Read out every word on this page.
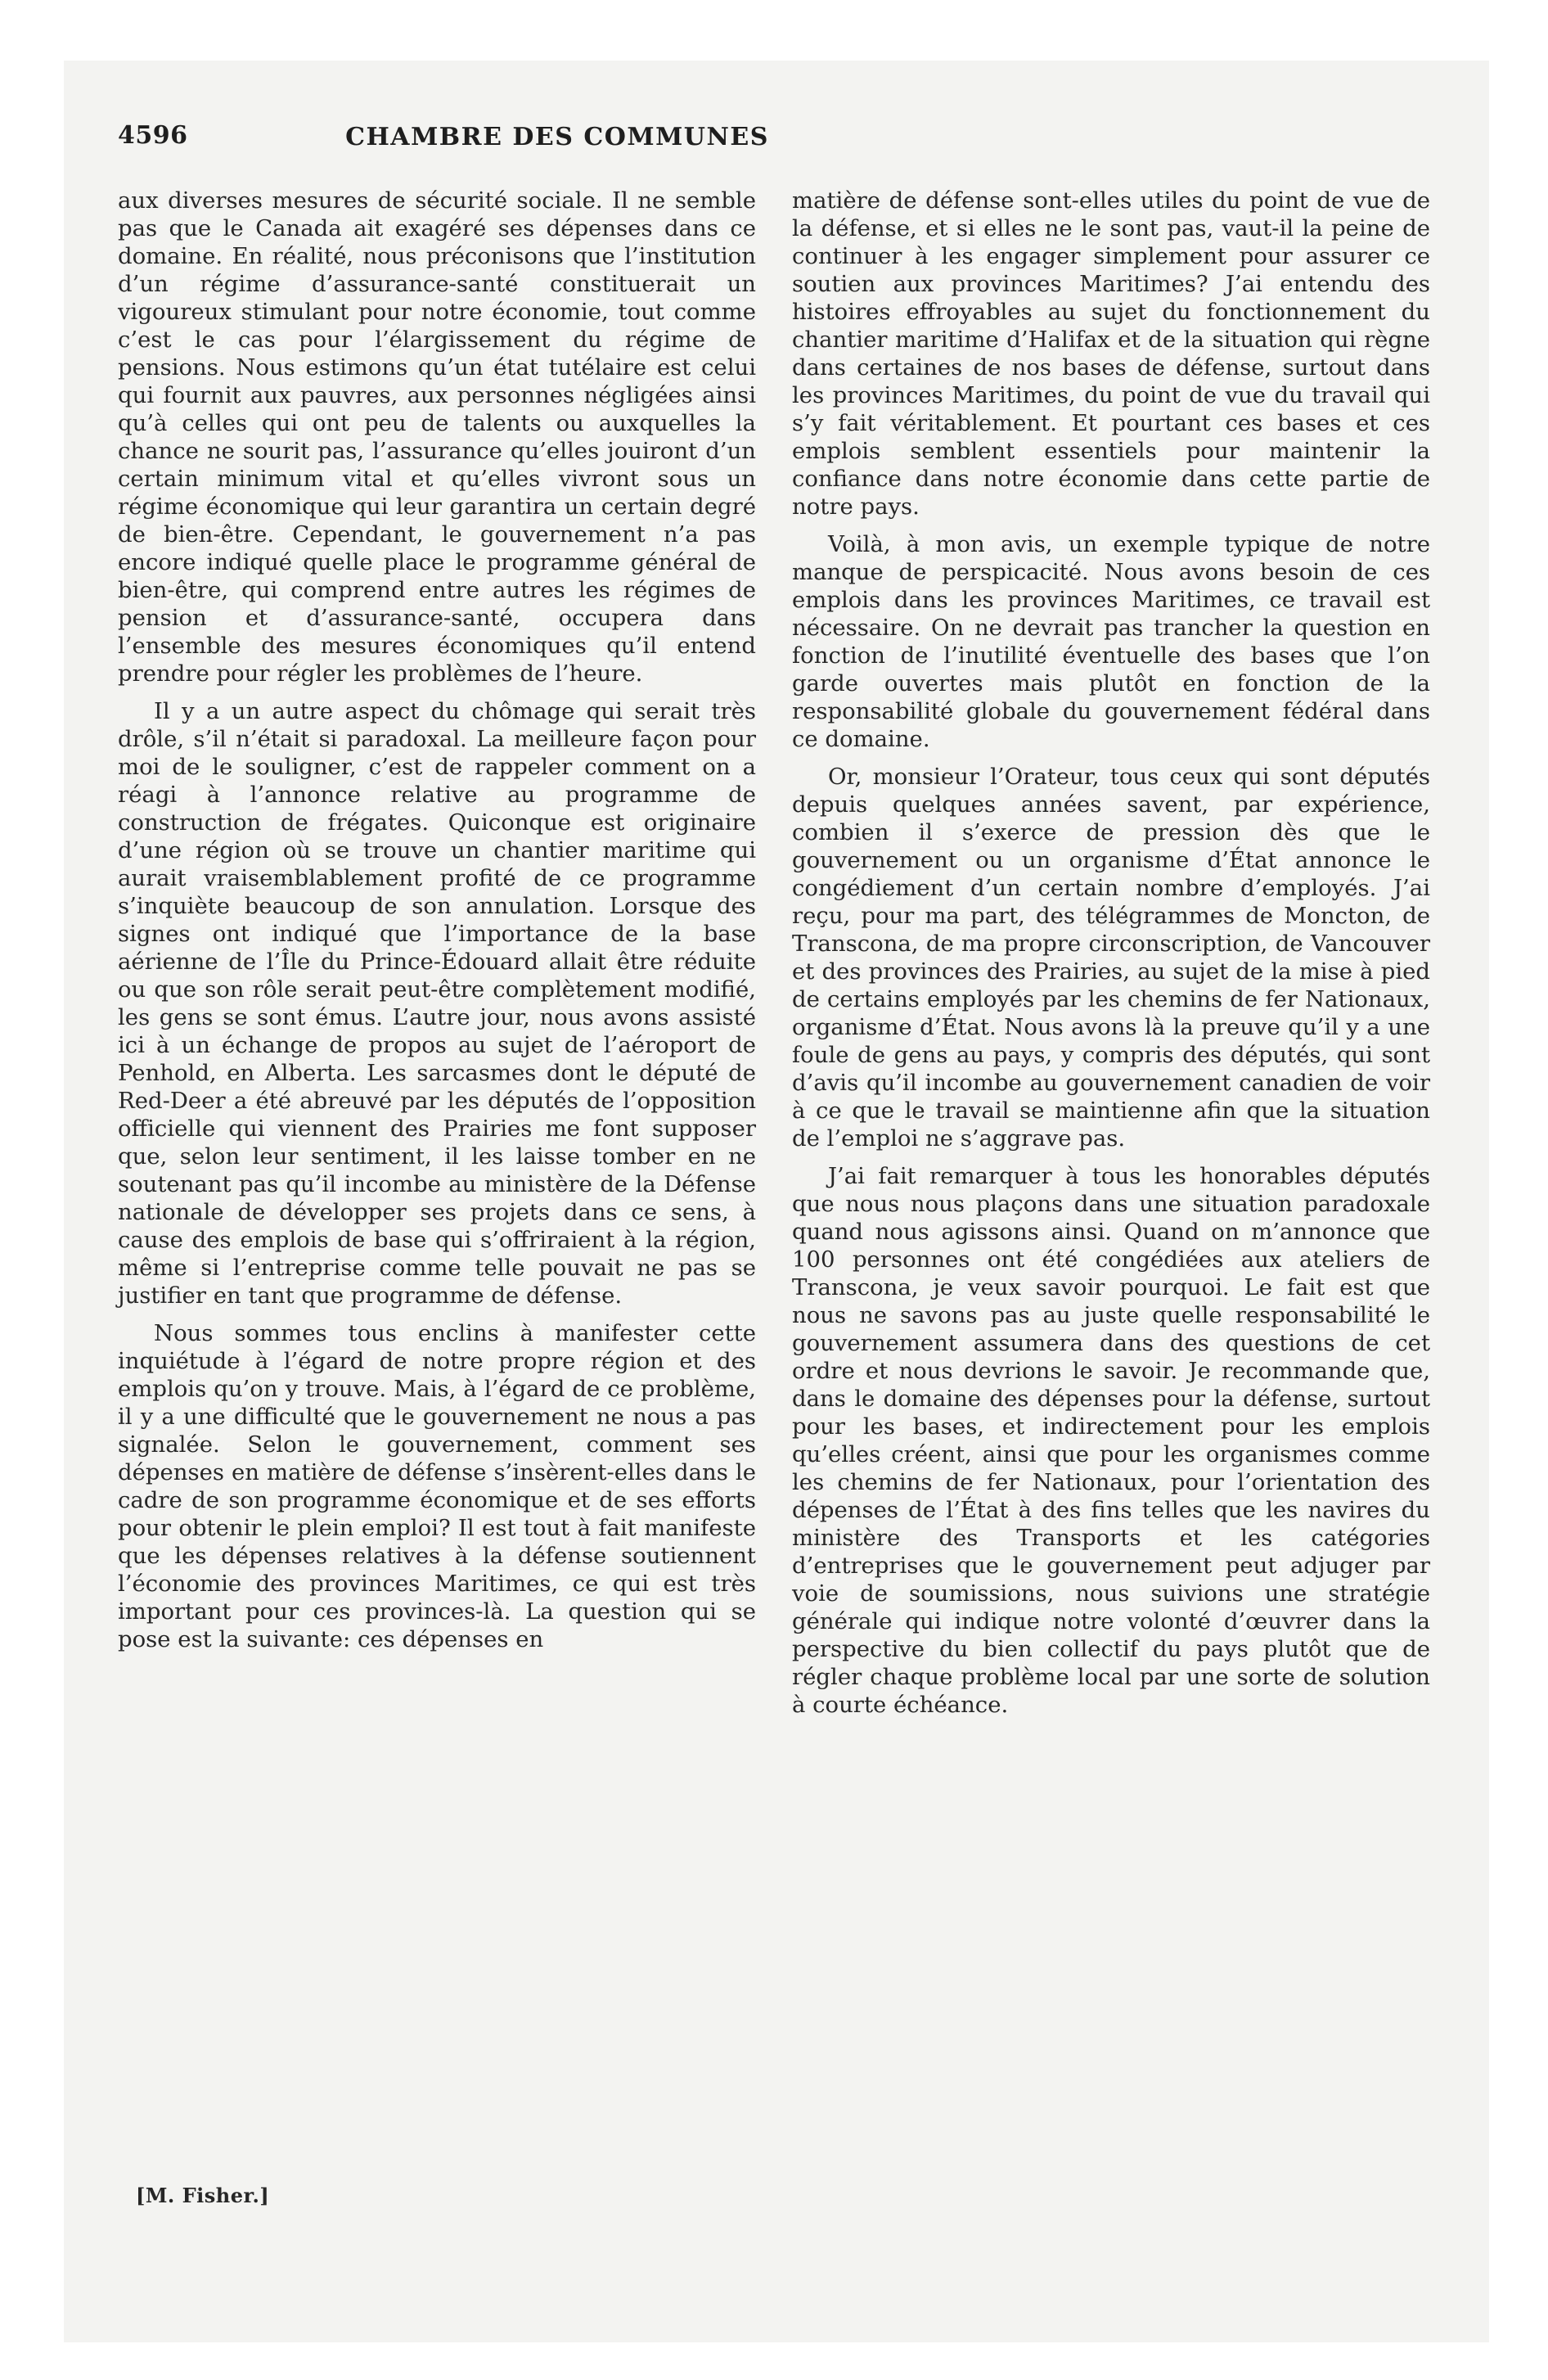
4596	CHAMBRE DES COMMUNES

aux diverses mesures de sécurité sociale. Il ne semble pas que le Canada ait exagéré ses dépenses dans ce domaine. En réalité, nous préconisons que l’institution d’un régime d’assurance-santé constituerait un vigoureux stimulant pour notre économie, tout comme c’est le cas pour l’élargissement du régime de pensions. Nous estimons qu’un état tutélaire est celui qui fournit aux pauvres, aux personnes négligées ainsi qu’à celles qui ont peu de talents ou auxquelles la chance ne sourit pas, l’assurance qu’elles jouiront d’un certain minimum vital et qu’elles vivront sous un régime économique qui leur garantira un certain degré de bien-être. Cependant, le gouvernement n’a pas encore indiqué quelle place le programme général de bien-être, qui comprend entre autres les régimes de pension et d’assurance-santé, occupera dans l’ensemble des mesures économiques qu’il entend prendre pour régler les problèmes de l’heure.

Il y a un autre aspect du chômage qui serait très drôle, s’il n’était si paradoxal. La meilleure façon pour moi de le souligner, c’est de rappeler comment on a réagi à l’annonce relative au programme de construction de frégates. Quiconque est originaire d’une région où se trouve un chantier maritime qui aurait vraisemblablement profité de ce programme s’inquiète beaucoup de son annulation. Lorsque des signes ont indiqué que l’importance de la base aérienne de l’Île du Prince-Édouard allait être réduite ou que son rôle serait peut-être complètement modifié, les gens se sont émus. L’autre jour, nous avons assisté ici à un échange de propos au sujet de l’aéroport de Penhold, en Alberta. Les sarcasmes dont le député de Red-Deer a été abreuvé par les députés de l’opposition officielle qui viennent des Prairies me font supposer que, selon leur sentiment, il les laisse tomber en ne soutenant pas qu’il incombe au ministère de la Défense nationale de développer ses projets dans ce sens, à cause des emplois de base qui s’offriraient à la région, même si l’entreprise comme telle pouvait ne pas se justifier en tant que programme de défense.

Nous sommes tous enclins à manifester cette inquiétude à l’égard de notre propre région et des emplois qu’on y trouve. Mais, à l’égard de ce problème, il y a une difficulté que le gouvernement ne nous a pas signalée. Selon le gouvernement, comment ses dépenses en matière de défense s’insèrent-elles dans le cadre de son programme économique et de ses efforts pour obtenir le plein emploi? Il est tout à fait manifeste que les dépenses relatives à la défense soutiennent l’économie des provinces Maritimes, ce qui est très important pour ces provinces-là. La question qui se pose est la suivante: ces dépenses en

matière de défense sont-elles utiles du point de vue de la défense, et si elles ne le sont pas, vaut-il la peine de continuer à les engager simplement pour assurer ce soutien aux provinces Maritimes? J’ai entendu des histoires effroyables au sujet du fonctionnement du chantier maritime d’Halifax et de la situation qui règne dans certaines de nos bases de défense, surtout dans les provinces Maritimes, du point de vue du travail qui s’y fait véritablement. Et pourtant ces bases et ces emplois semblent essentiels pour maintenir la confiance dans notre économie dans cette partie de notre pays.

Voilà, à mon avis, un exemple typique de notre manque de perspicacité. Nous avons besoin de ces emplois dans les provinces Maritimes, ce travail est nécessaire. On ne devrait pas trancher la question en fonction de l’inutilité éventuelle des bases que l’on garde ouvertes mais plutôt en fonction de la responsabilité globale du gouvernement fédéral dans ce domaine.

Or, monsieur l’Orateur, tous ceux qui sont députés depuis quelques années savent, par expérience, combien il s’exerce de pression dès que le gouvernement ou un organisme d’État annonce le congédiement d’un certain nombre d’employés. J’ai reçu, pour ma part, des télégrammes de Moncton, de Transcona, de ma propre circonscription, de Vancouver et des provinces des Prairies, au sujet de la mise à pied de certains employés par les chemins de fer Nationaux, organisme d’État. Nous avons là la preuve qu’il y a une foule de gens au pays, y compris des députés, qui sont d’avis qu’il incombe au gouvernement canadien de voir à ce que le travail se maintienne afin que la situation de l’emploi ne s’aggrave pas.

J’ai fait remarquer à tous les honorables députés que nous nous plaçons dans une situation paradoxale quand nous agissons ainsi. Quand on m’annonce que 100 personnes ont été congédiées aux ateliers de Transcona, je veux savoir pourquoi. Le fait est que nous ne savons pas au juste quelle responsabilité le gouvernement assumera dans des questions de cet ordre et nous devrions le savoir. Je recommande que, dans le domaine des dépenses pour la défense, surtout pour les bases, et indirectement pour les emplois qu’elles créent, ainsi que pour les organismes comme les chemins de fer Nationaux, pour l’orientation des dépenses de l’État à des fins telles que les navires du ministère des Transports et les catégories d’entreprises que le gouvernement peut adjuger par voie de soumissions, nous suivions une stratégie générale qui indique notre volonté d’œuvrer dans la perspective du bien collectif du pays plutôt que de régler chaque problème local par une sorte de solution à courte échéance.

[M. Fisher.]
